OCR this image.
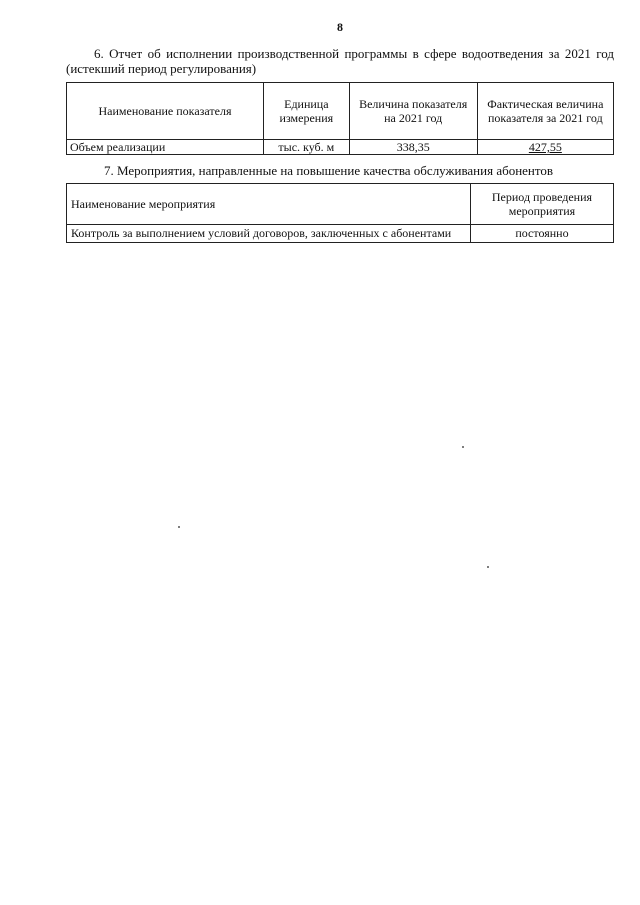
8
6. Отчет об исполнении производственной программы в сфере водоотведения за 2021 год (истекший период регулирования)
Наименование показателя	Единица измерения	Величина показателя на 2021 год	Фактическая величина показателя за 2021 год
Объем реализации	тыс. куб. м	338,35	427,55
7. Мероприятия, направленные на повышение качества обслуживания абонентов
Наименование мероприятия	Период проведения мероприятия
Контроль за выполнением условий договоров, заключенных с абонентами	постоянно
